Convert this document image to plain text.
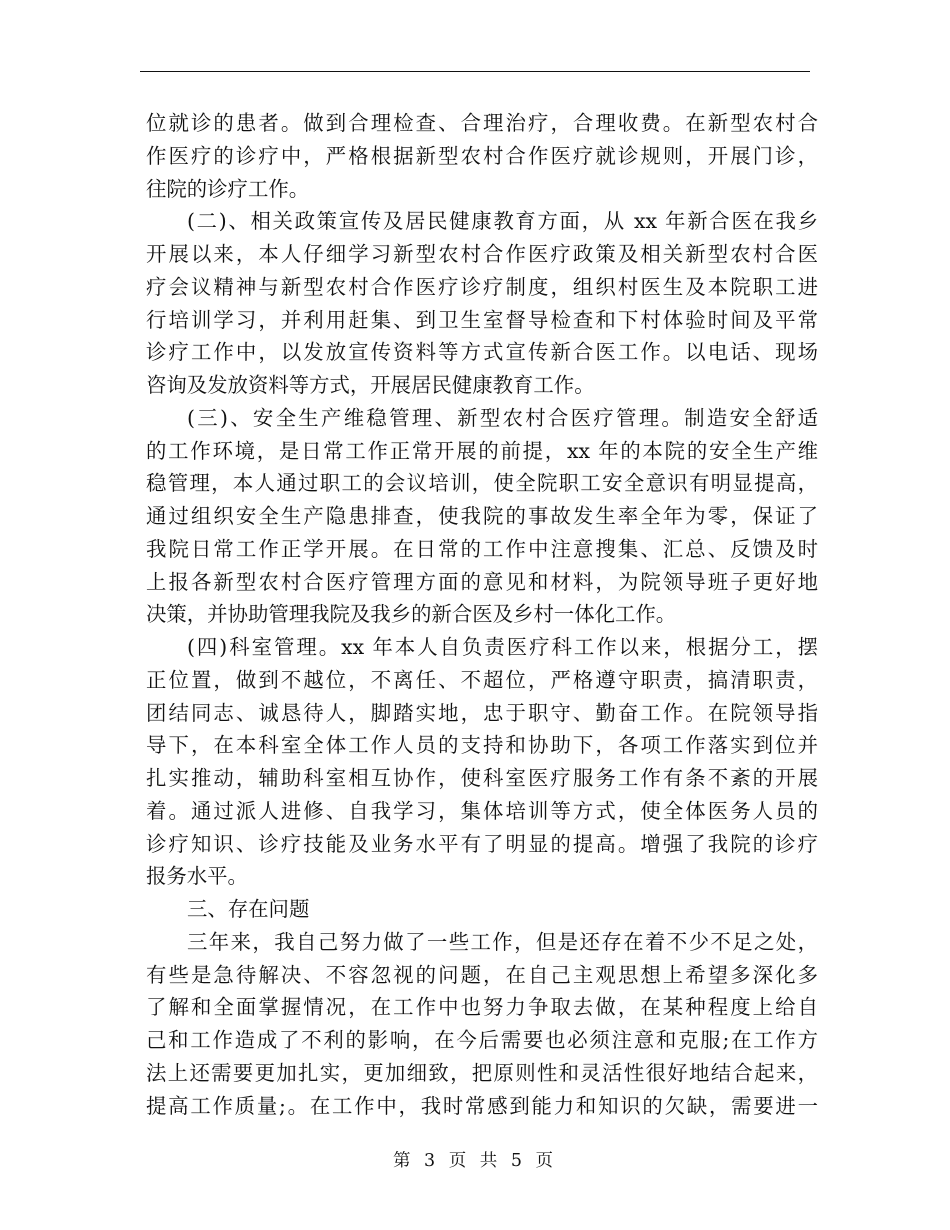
位就诊的患者。做到合理检查、合理治疗，合理收费。在新型农村合
作医疗的诊疗中，严格根据新型农村合作医疗就诊规则，开展门诊，
往院的诊疗工作。
(二)、相关政策宣传及居民健康教育方面，从 xx 年新合医在我乡
开展以来，本人仔细学习新型农村合作医疗政策及相关新型农村合医
疗会议精神与新型农村合作医疗诊疗制度，组织村医生及本院职工进
行培训学习，并利用赶集、到卫生室督导检查和下村体验时间及平常
诊疗工作中，以发放宣传资料等方式宣传新合医工作。以电话、现场
咨询及发放资料等方式，开展居民健康教育工作。
(三)、安全生产维稳管理、新型农村合医疗管理。制造安全舒适
的工作环境，是日常工作正常开展的前提，xx 年的本院的安全生产维
稳管理，本人通过职工的会议培训，使全院职工安全意识有明显提高，
通过组织安全生产隐患排查，使我院的事故发生率全年为零，保证了
我院日常工作正学开展。在日常的工作中注意搜集、汇总、反馈及时
上报各新型农村合医疗管理方面的意见和材料，为院领导班子更好地
决策，并协助管理我院及我乡的新合医及乡村一体化工作。
(四)科室管理。xx 年本人自负责医疗科工作以来，根据分工，摆
正位置，做到不越位，不离任、不超位，严格遵守职责，搞清职责，
团结同志、诚恳待人，脚踏实地，忠于职守、勤奋工作。在院领导指
导下，在本科室全体工作人员的支持和协助下，各项工作落实到位并
扎实推动，辅助科室相互协作，使科室医疗服务工作有条不紊的开展
着。通过派人进修、自我学习，集体培训等方式，使全体医务人员的
诊疗知识、诊疗技能及业务水平有了明显的提高。增强了我院的诊疗
报务水平。
三、存在问题
三年来，我自己努力做了一些工作，但是还存在着不少不足之处，
有些是急待解决、不容忽视的问题，在自己主观思想上希望多深化多
了解和全面掌握情况，在工作中也努力争取去做，在某种程度上给自
己和工作造成了不利的影响，在今后需要也必须注意和克服;在工作方
法上还需要更加扎实，更加细致，把原则性和灵活性很好地结合起来，
提高工作质量;。在工作中，我时常感到能力和知识的欠缺，需要进一
第 3 页 共 5 页
